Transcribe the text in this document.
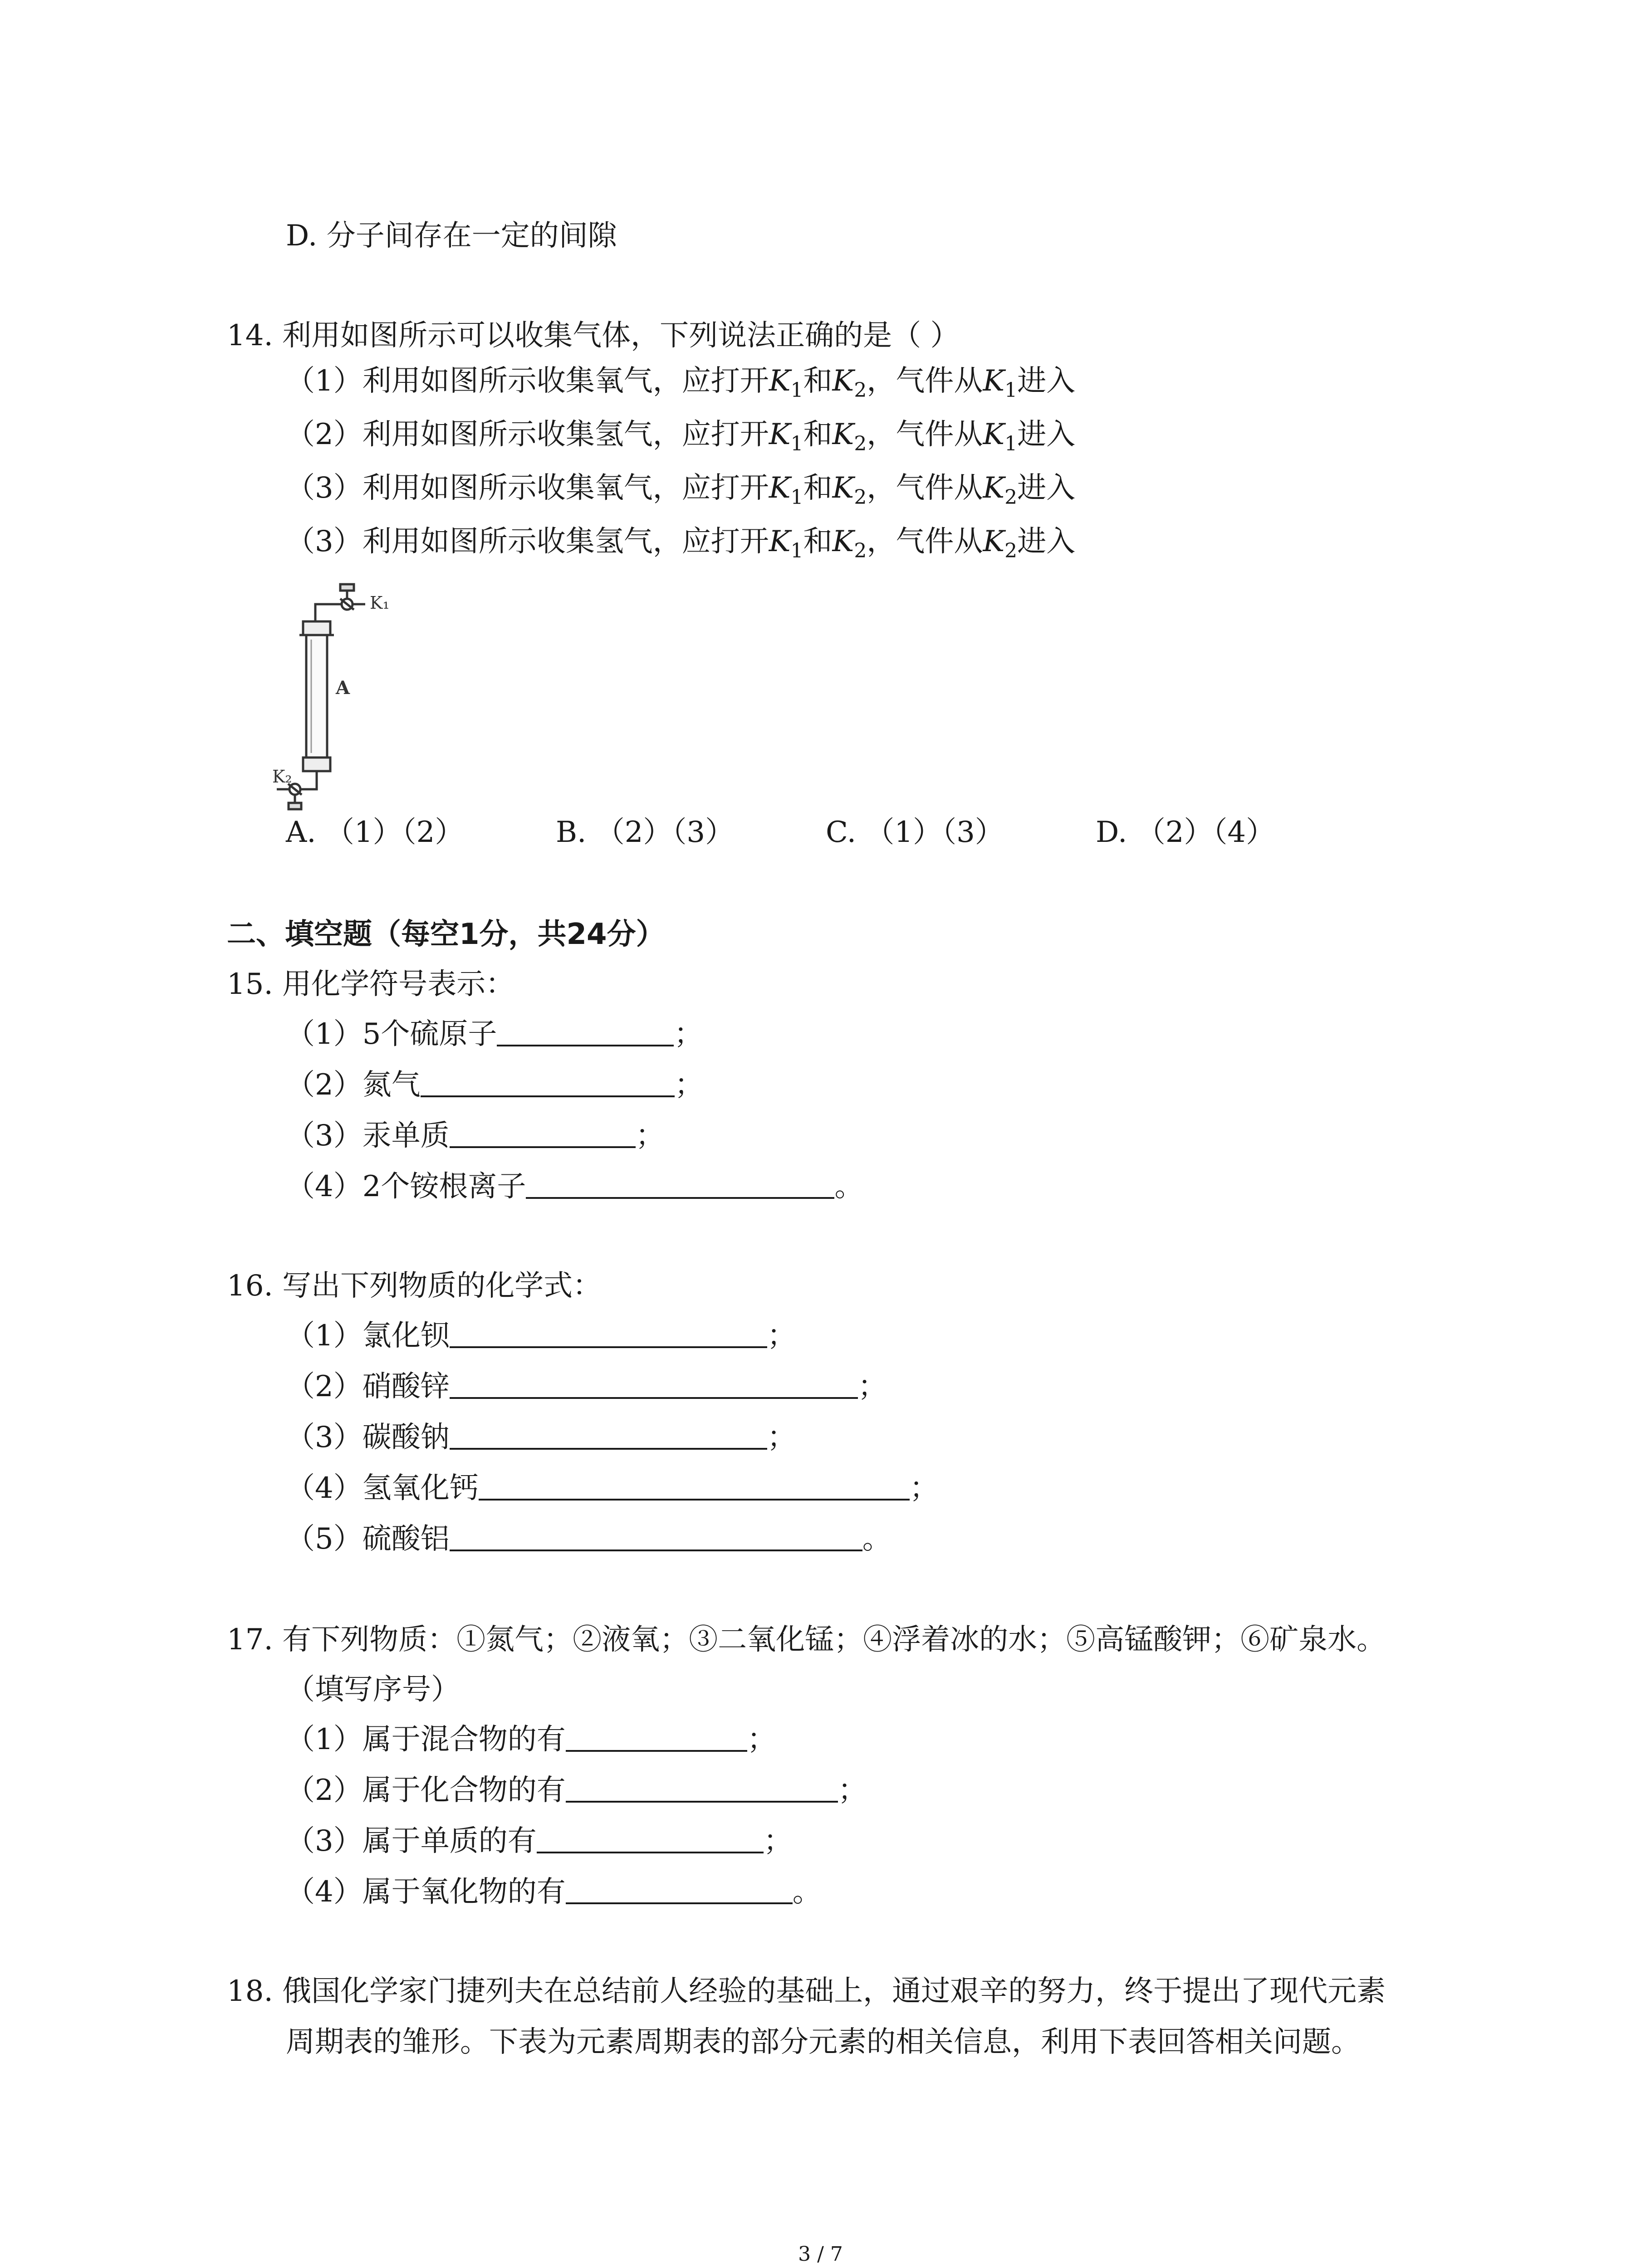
D. 分子间存在一定的间隙
14. 利用如图所示可以收集气体，下列说法正确的是（ ）
（1）利用如图所示收集氧气，应打开$K_1$和$K_2$，气件从$K_1$进入
（2）利用如图所示收集氢气，应打开$K_1$和$K_2$，气件从$K_1$进入
（3）利用如图所示收集氧气，应打开$K_1$和$K_2$，气件从$K_2$进入
（3）利用如图所示收集氢气，应打开$K_1$和$K_2$，气件从$K_2$进入
K₁
A
K₂
A. （1）（2）	B. （2）（3）	C. （1）（3）	D. （2）（4）
二、填空题（每空1分，共24分）
15. 用化学符号表示：
（1）5个硫原子	；
（2）氮气	；
（3）汞单质	；
（4）2个铵根离子	。
16. 写出下列物质的化学式：
（1）氯化钡	；
（2）硝酸锌	；
（3）碳酸钠	；
（4）氢氧化钙	；
（5）硫酸铝	。
17. 有下列物质：①氮气；②液氧；③二氧化锰；④浮着冰的水；⑤高锰酸钾；⑥矿泉水。
（填写序号）
（1）属于混合物的有	；
（2）属于化合物的有	；
（3）属于单质的有	；
（4）属于氧化物的有	。
18. 俄国化学家门捷列夫在总结前人经验的基础上，通过艰辛的努力，终于提出了现代元素
周期表的雏形。下表为元素周期表的部分元素的相关信息，利用下表回答相关问题。
3 / 7
